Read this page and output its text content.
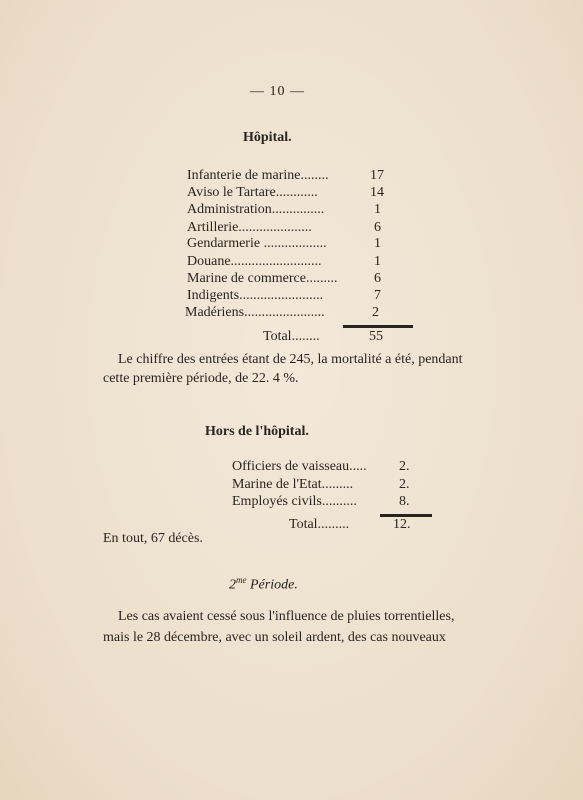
— 10 —
Hôpital.
Infanterie de marine........	17
Aviso le Tartare............	14
Administration...............	1
Artillerie.....................	6
Gendarmerie ..................	1
Douane..........................	1
Marine de commerce.........	6
Indigents........................	7
Madériens.......................	2
Total........	55
Le chiffre des entrées étant de 245, la mortalité a été, pendant
cette première période, de 22. 4 %.
Hors de l'hôpital.
Officiers de vaisseau..... 2.
Marine de l'Etat.........	2.
Employés civils..........	8.
Total.........	12.
En tout, 67 décès.
$2^{me}$ Période.
Les cas avaient cessé sous l'influence de pluies torrentielles,
mais le 28 décembre, avec un soleil ardent, des cas nouveaux
